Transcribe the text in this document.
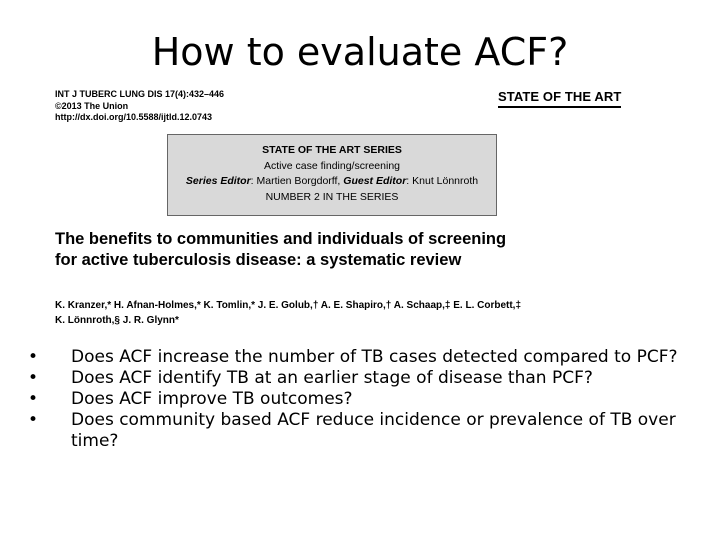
How to evaluate ACF?
INT J TUBERC LUNG DIS 17(4):432–446
©2013 The Union
http://dx.doi.org/10.5588/ijtld.12.0743
STATE OF THE ART
STATE OF THE ART SERIES
Active case finding/screening
Series Editor: Martien Borgdorff, Guest Editor: Knut Lönnroth
NUMBER 2 IN THE SERIES
The benefits to communities and individuals of screening
for active tuberculosis disease: a systematic review
K. Kranzer,* H. Afnan-Holmes,* K. Tomlin,* J. E. Golub,† A. E. Shapiro,† A. Schaap,‡ E. L. Corbett,‡
K. Lönnroth,§ J. R. Glynn*
• Does ACF increase the number of TB cases detected compared to PCF?
• Does ACF identify TB at an earlier stage of disease than PCF?
• Does ACF improve TB outcomes?
• Does community based ACF reduce incidence or prevalence of TB over time?
